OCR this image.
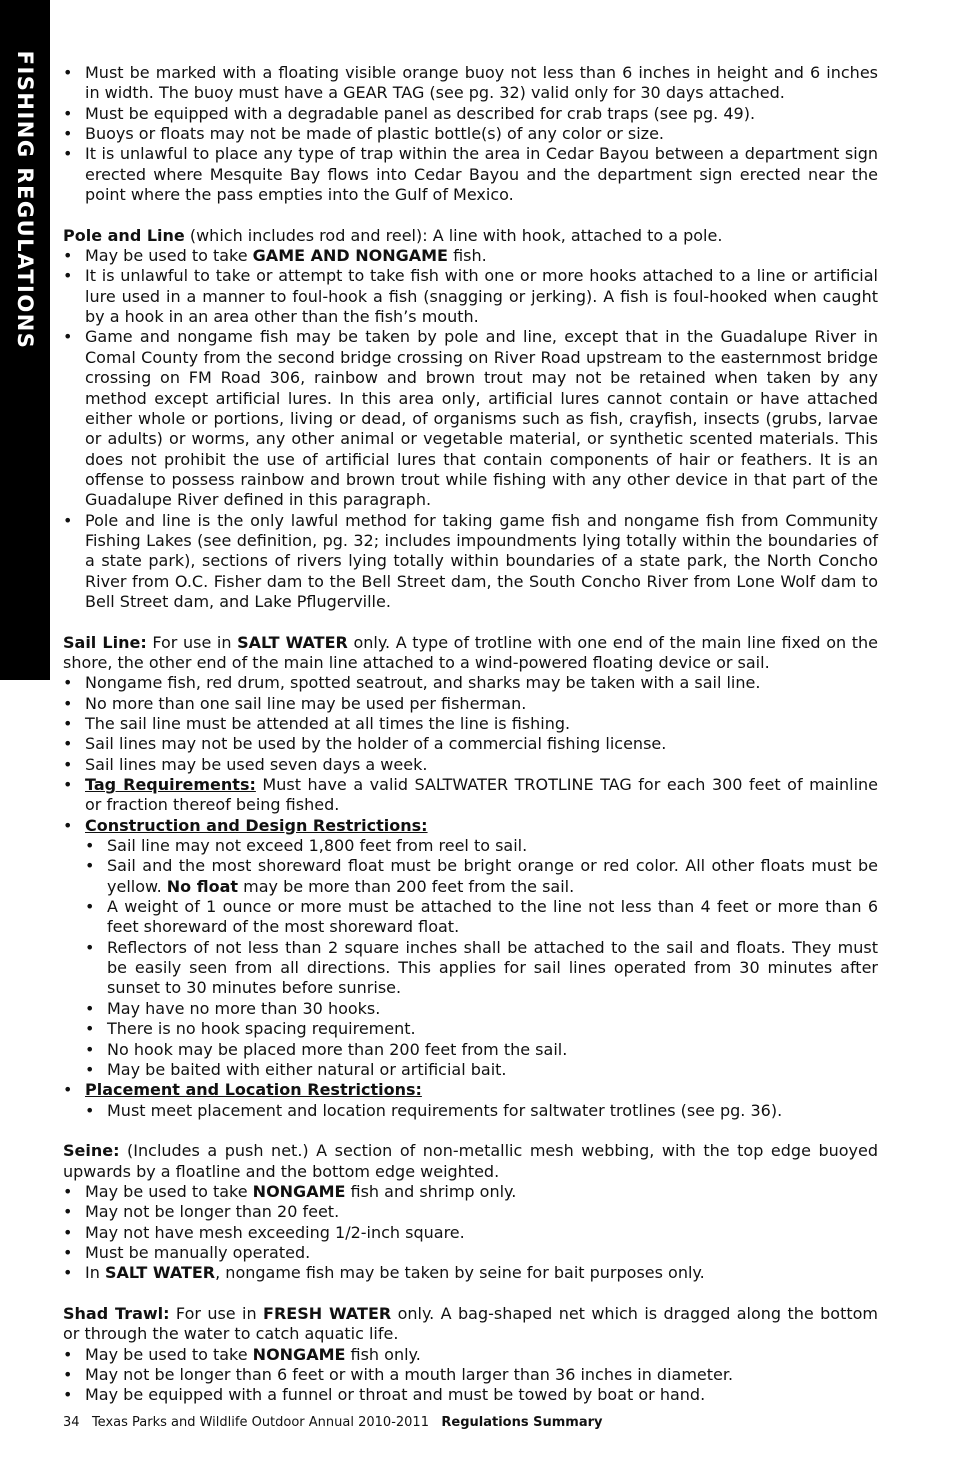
FISHING REGULATIONS
•	Must be marked with a floating visible orange buoy not less than 6 inches in height and 6 inches in width. The buoy must have a GEAR TAG (see pg. 32) valid only for 30 days attached.
• Must be equipped with a degradable panel as described for crab traps (see pg. 49).
• Buoys or floats may not be made of plastic bottle(s) of any color or size.
• It is unlawful to place any type of trap within the area in Cedar Bayou between a department sign erected where Mesquite Bay flows into Cedar Bayou and the department sign erected near the point where the pass empties into the Gulf of Mexico.

Pole and Line (which includes rod and reel): A line with hook, attached to a pole.

• May be used to take GAME AND NONGAME fish.
• It is unlawful to take or attempt to take fish with one or more hooks attached to a line or artificial lure used in a manner to foul-hook a fish (snagging or jerking). A fish is foul-hooked when caught by a hook in an area other than the fish’s mouth.
• Game and nongame fish may be taken by pole and line, except that in the Guadalupe River in Comal County from the second bridge crossing on River Road upstream to the easternmost bridge crossing on FM Road 306, rainbow and brown trout may not be retained when taken by any method except artificial lures. In this area only, artificial lures cannot contain or have attached either whole or portions, living or dead, of organisms such as fish, crayfish, insects (grubs, larvae or adults) or worms, any other animal or vegetable material, or synthetic scented materials. This does not prohibit the use of artificial lures that contain components of hair or feathers. It is an offense to possess rainbow and brown trout while fishing with any other device in that part of the Guadalupe River defined in this paragraph.
• Pole and line is the only lawful method for taking game fish and nongame fish from Community Fishing Lakes (see definition, pg. 32; includes impoundments lying totally within the boundaries of a state park), sections of rivers lying totally within boundaries of a state park, the North Concho River from O.C. Fisher dam to the Bell Street dam, the South Concho River from Lone Wolf dam to Bell Street dam, and Lake Pflugerville.

Sail Line: For use in SALT WATER only. A type of trotline with one end of the main line fixed on the shore, the other end of the main line attached to a wind-powered floating device or sail.

• Nongame fish, red drum, spotted seatrout, and sharks may be taken with a sail line.
• No more than one sail line may be used per fisherman.
• The sail line must be attended at all times the line is fishing.
• Sail lines may not be used by the holder of a commercial fishing license.
• Sail lines may be used seven days a week.
• Tag Requirements: Must have a valid SALTWATER TROTLINE TAG for each 300 feet of mainline or fraction thereof being fished.
• Construction and Design Restrictions:
• Sail line may not exceed 1,800 feet from reel to sail.
• Sail and the most shoreward float must be bright orange or red color. All other floats must be yellow. No float may be more than 200 feet from the sail.
• A weight of 1 ounce or more must be attached to the line not less than 4 feet or more than 6 feet shoreward of the most shoreward float.
• Reflectors of not less than 2 square inches shall be attached to the sail and floats. They must be easily seen from all directions. This applies for sail lines operated from 30 minutes after sunset to 30 minutes before sunrise.
• May have no more than 30 hooks.
• There is no hook spacing requirement.
• No hook may be placed more than 200 feet from the sail.
• May be baited with either natural or artificial bait.
• Placement and Location Restrictions:
• Must meet placement and location requirements for saltwater trotlines (see pg. 36).

Seine: (Includes a push net.) A section of non-metallic mesh webbing, with the top edge buoyed upwards by a floatline and the bottom edge weighted.

• May be used to take NONGAME fish and shrimp only.
• May not be longer than 20 feet.
• May not have mesh exceeding 1/2-inch square.
• Must be manually operated.
• In SALT WATER, nongame fish may be taken by seine for bait purposes only.

Shad Trawl: For use in FRESH WATER only. A bag-shaped net which is dragged along the bottom or through the water to catch aquatic life.

• May be used to take NONGAME fish only.
• May not be longer than 6 feet or with a mouth larger than 36 inches in diameter.
• May be equipped with a funnel or throat and must be towed by boat or hand.
34 Texas Parks and Wildlife Outdoor Annual 2010-2011 Regulations Summary
